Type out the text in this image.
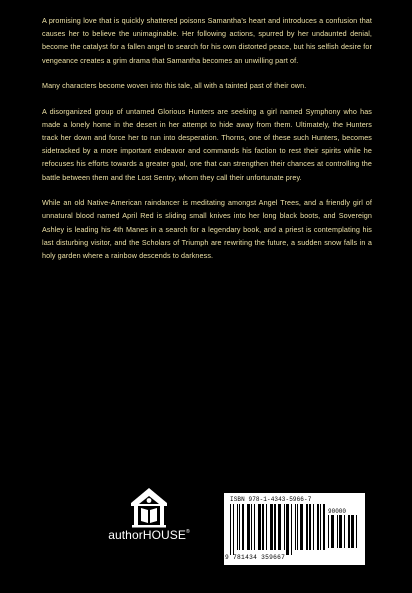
A promising love that is quickly shattered poisons Samantha’s heart and introduces a confusion that causes her to believe the unimaginable. Her following actions, spurred by her undaunted denial, become the catalyst for a fallen angel to search for his own distorted peace, but his selfish desire for vengeance creates a grim drama that Samantha becomes an unwilling part of.

Many characters become woven into this tale, all with a tainted past of their own.

A disorganized group of untamed Glorious Hunters are seeking a girl named Symphony who has made a lonely home in the desert in her attempt to hide away from them. Ultimately, the Hunters track her down and force her to run into desperation. Thorns, one of these such Hunters, becomes sidetracked by a more important endeavor and commands his faction to rest their spirits while he refocuses his efforts towards a greater goal, one that can strengthen their chances at controlling the battle between them and the Lost Sentry, whom they call their unfortunate prey.

While an old Native-American raindancer is meditating amongst Angel Trees, and a friendly girl of unnatural blood named April Red is sliding small knives into her long black boots, and Sovereign Ashley is leading his 4th Manes in a search for a legendary book, and a priest is contemplating his last disturbing visitor, and the Scholars of Triumph are rewriting the future, a sudden snow falls in a holy garden where a rainbow descends to darkness.

authorHOUSE®
ISBN 978-1-4343-5966-7
90000
9 781434 359667
